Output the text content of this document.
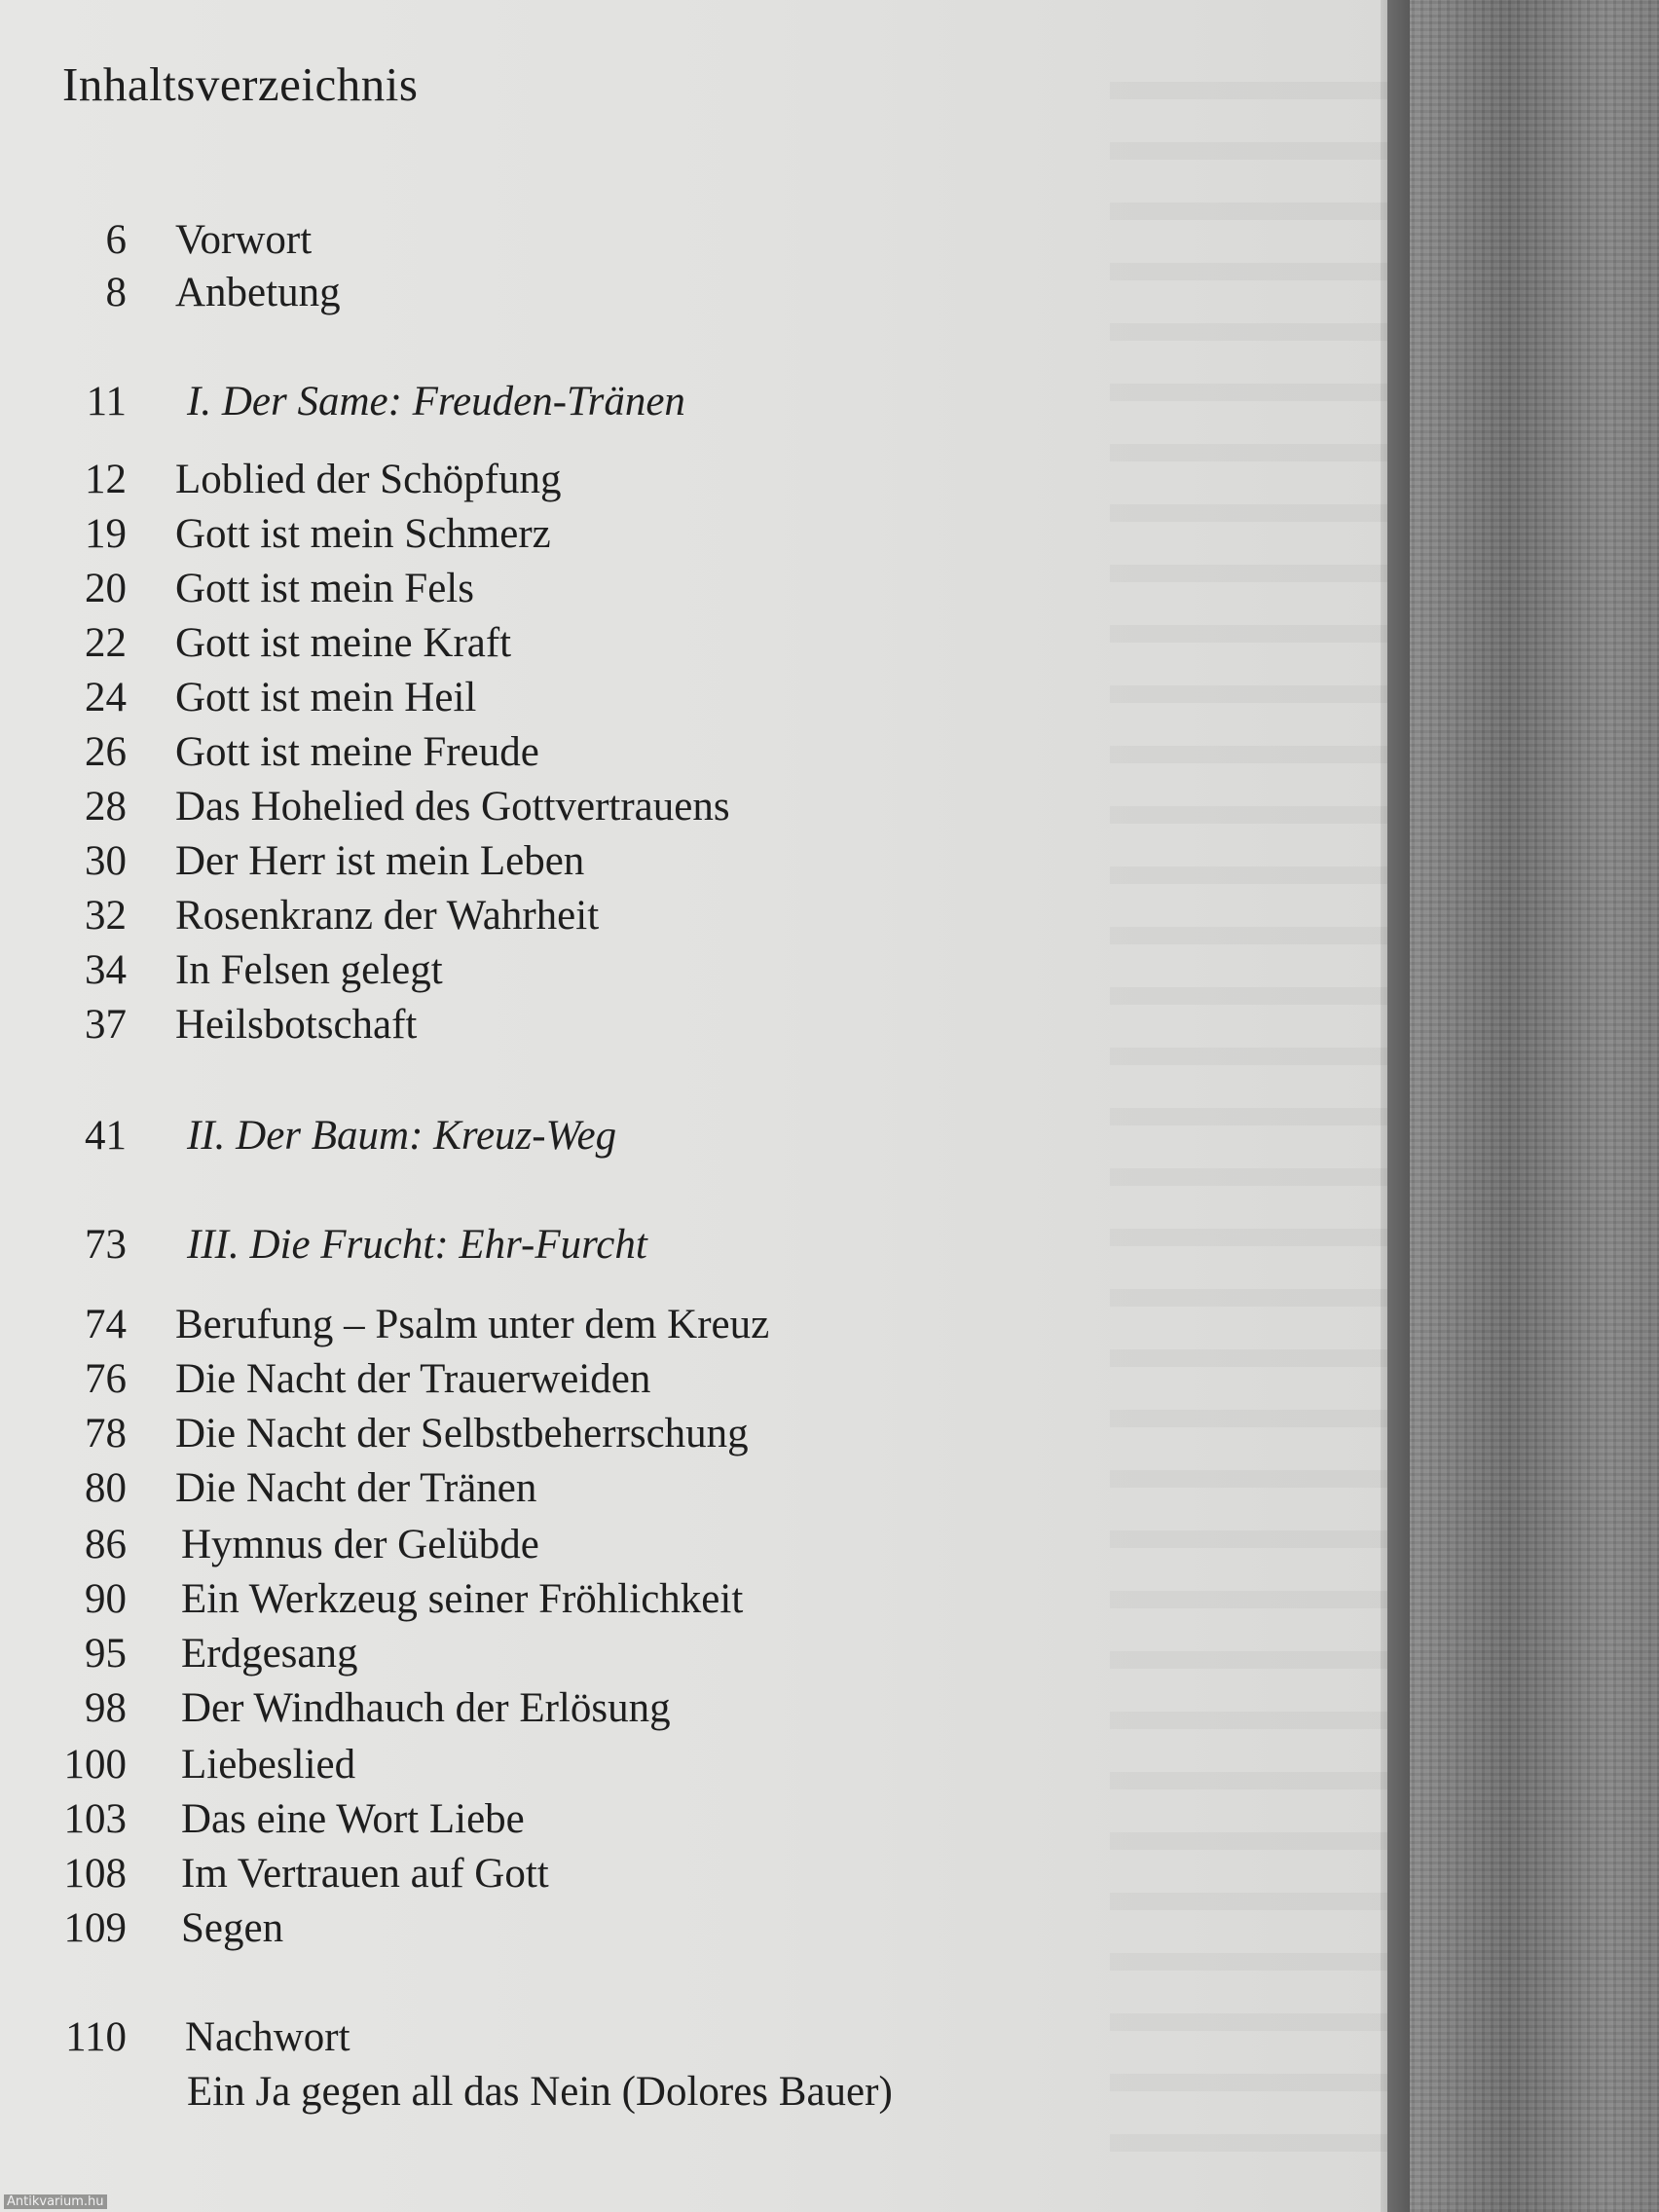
Inhaltsverzeichnis
6 Vorwort
8 Anbetung
11 I. Der Same: Freuden-Tränen
12 Loblied der Schöpfung
19 Gott ist mein Schmerz
20 Gott ist mein Fels
22 Gott ist meine Kraft
24 Gott ist mein Heil
26 Gott ist meine Freude
28 Das Hohelied des Gottvertrauens
30 Der Herr ist mein Leben
32 Rosenkranz der Wahrheit
34 In Felsen gelegt
37 Heilsbotschaft
41 II. Der Baum: Kreuz-Weg
73 III. Die Frucht: Ehr-Furcht
74 Berufung – Psalm unter dem Kreuz
76 Die Nacht der Trauerweiden
78 Die Nacht der Selbstbeherrschung
80 Die Nacht der Tränen
86 Hymnus der Gelübde
90 Ein Werkzeug seiner Fröhlichkeit
95 Erdgesang
98 Der Windhauch der Erlösung
100 Liebeslied
103 Das eine Wort Liebe
108 Im Vertrauen auf Gott
109 Segen
110 Nachwort
Ein Ja gegen all das Nein (Dolores Bauer)
Antikvarium.hu
